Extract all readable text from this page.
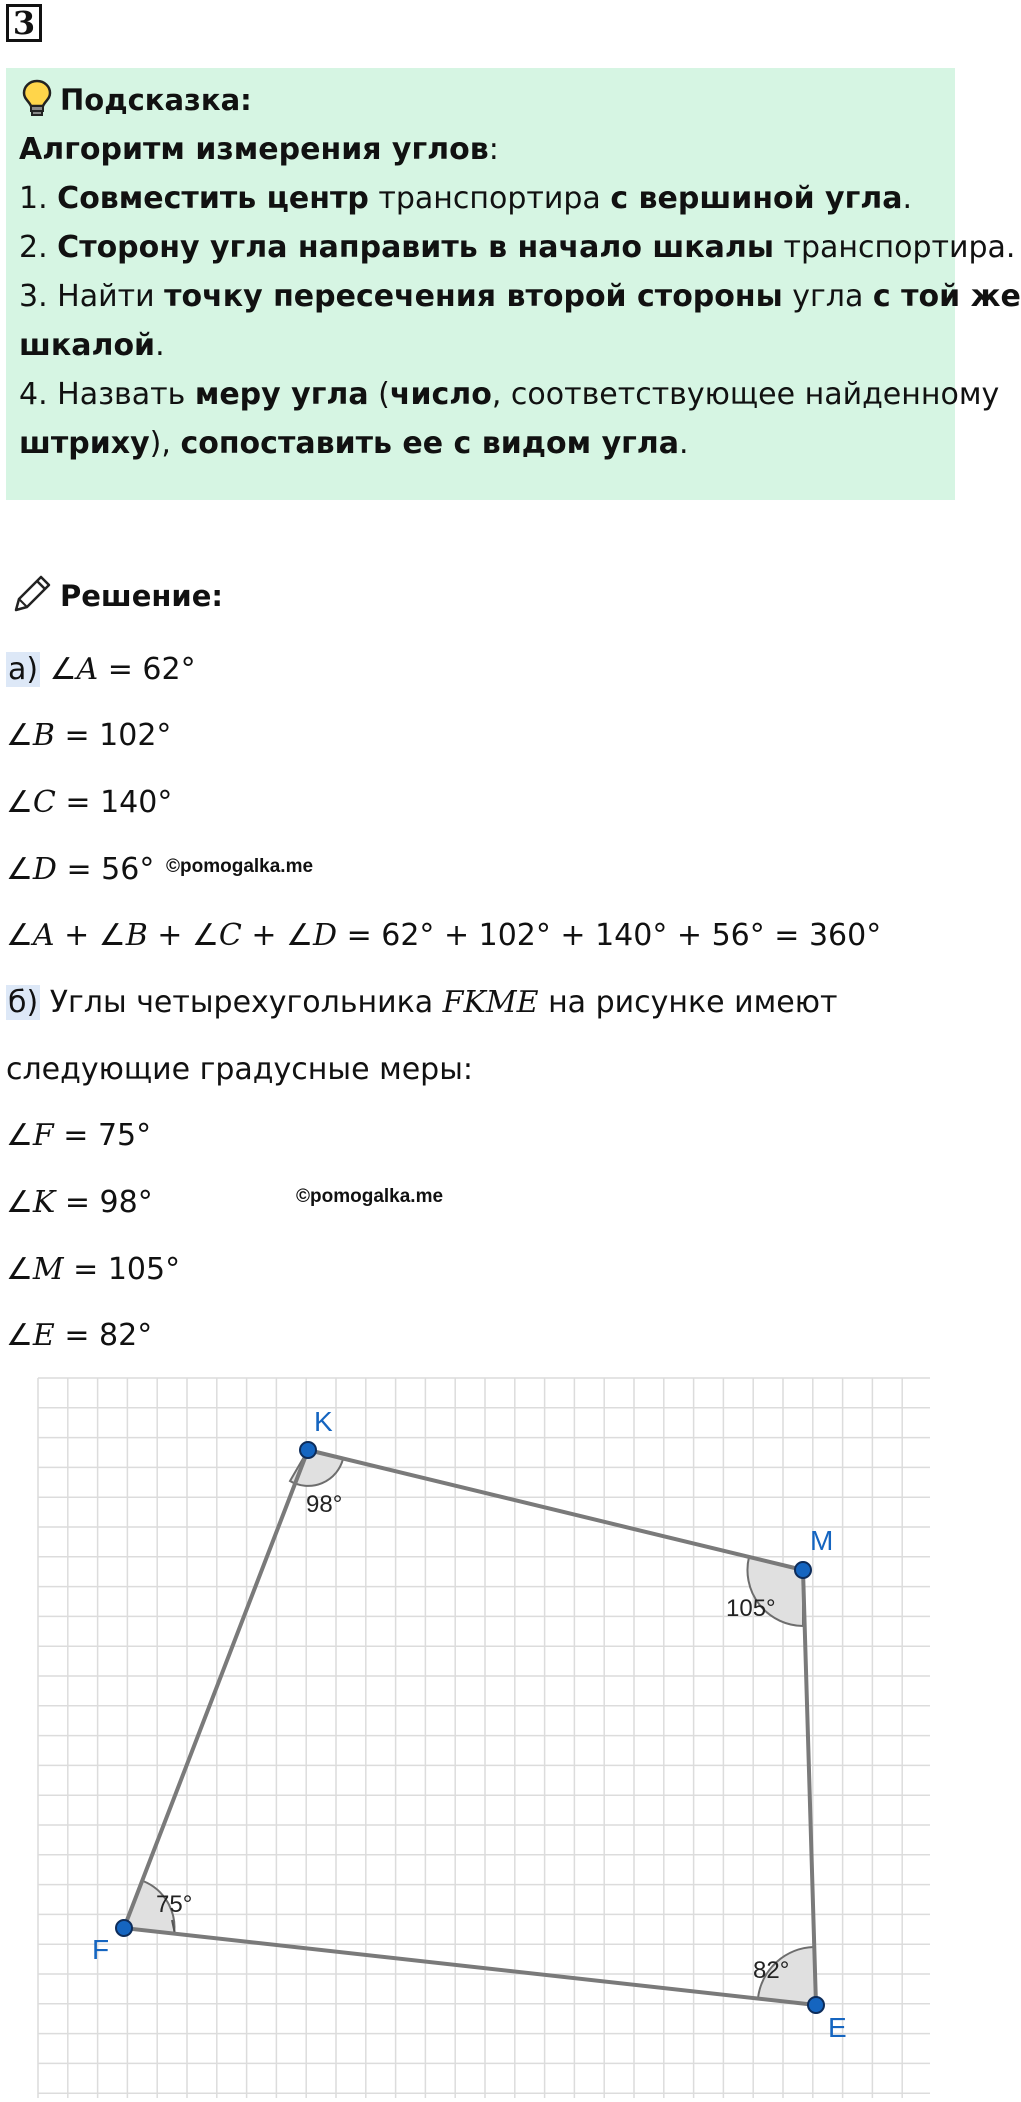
3
Подсказка:
Алгоритм измерения углов:
1. Совместить центр транспортира с вершиной угла.
2. Сторону угла направить в начало шкалы транспортира.
3. Найти точку пересечения второй стороны угла с той же
шкалой.
4. Назвать меру угла (число, соответствующее найденному
штриху), сопоставить ее с видом угла.
Решение:
а) ∠A = 62°
∠B = 102°
∠C = 140°
∠D = 56° ©pomogalka.me
∠A + ∠B + ∠C + ∠D = 62° + 102° + 140° + 56° = 360°
б) Углы четырехугольника FKME на рисунке имеют
следующие градусные меры:
∠F = 75°
∠K = 98°	©pomogalka.me
∠M = 105°
∠E = 82°
98°
105°
75°
82°
K
M
F
E
